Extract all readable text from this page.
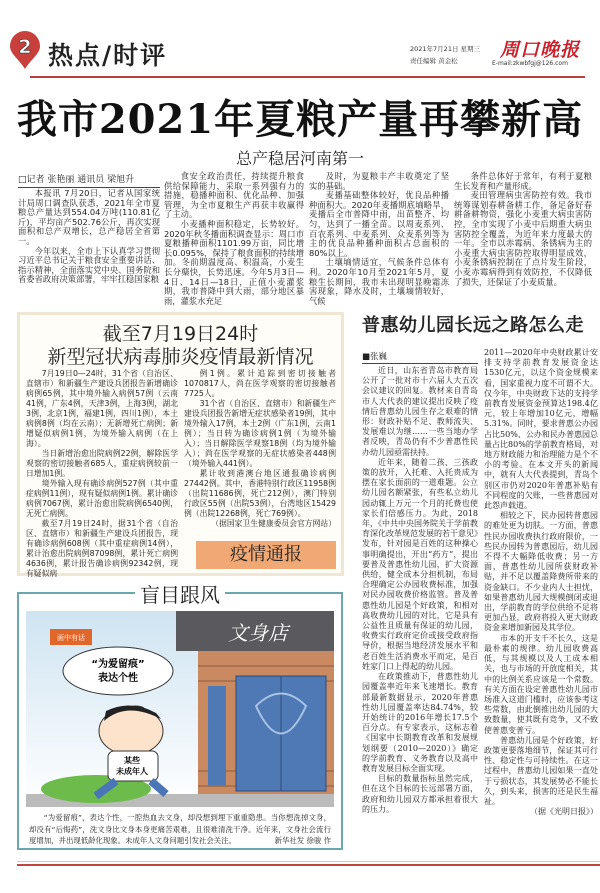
2 热点/时评	2021年7月21日 星期三
责任编辑 黄金松	周口晚报
E-mail:zkwbfgj@126.com
我市2021年夏粮产量再攀新高
总产稳居河南第一
□记者 张艳丽 通讯员 梁旭升

本报讯 7月20日，记者从国家统计局周口调查队获悉，2021年全市夏粮总产量达到554.04万吨(110.81亿斤)，平均亩产502.76公斤，再次实现面积和总产双增长，总产稳居全省第一。

今年以来，全市上下认真学习贯彻习近平总书记关于粮食安全重要讲话、指示精神，全面落实党中央、国务院和省委省政府决策部署，牢牢扛稳国家粮

食安全政治责任，持续提升粮食供给保障能力，采取一系列强有力的措施，稳播种面积、优化品种、加强管理，为全市夏粮生产再获丰收赢得了主动。

小麦播种面积稳定，长势较好。2020年秋冬播面积调查显示：周口市夏粮播种面积1101.99万亩，同比增长0.095%，保持了粮食面积的持续增加。冬前期温度高、积温高，小麦生长分蘖快，长势迅速。今年5月3日—4日、14日—18日，正值小麦灌浆期，我市普降中到大雨，部分地区暴雨，灌浆水充足

及时，为夏粮丰产丰收奠定了坚实的基础。

麦播基础整体较好，优良品种播种面积大。2020年麦播期底墒略旱，麦播后全市普降中雨，出苗整齐、均匀，达到了一播全苗。以周麦系列、百农系列、中麦系列、众麦系列等为主的优良品种播种面积占总面积的80%以上。

土壤墒情适宜，气候条件总体有利。2020年10月至2021年5月，夏粮生长期间，我市未出现明显晚霜冻害现象，降水及时，土壤墒情较好，气候

条件总体好于常年，有利于夏粮生长发育和产量形成。

麦田管理病虫害防控有效。我市统筹谋划春耕备耕工作，备足备好春耕备耕物资，强化小麦重大病虫害防控，全市实现了小麦中后期重大病虫害防控全覆盖，为近年来力度最大的一年。全市以赤霉病、条锈病为主的小麦重大病虫害防控取得明显成效，小麦条锈病控制在了点片发生阶段，小麦赤霉病得到有效防控，不仅降低了损失，还保证了小麦质量。

截至7月19日24时
新型冠状病毒肺炎疫情最新情况

7月19日0—24时，31个省（自治区、直辖市）和新疆生产建设兵团报告新增确诊病例65例，其中境外输入病例57例（云南41例，广东4例，天津3例，上海3例，湖北3例，北京1例，福建1例，四川1例），本土病例8例（均在云南）；无新增死亡病例；新增疑似病例1例，为境外输入病例（在上海）。

当日新增治愈出院病例22例，解除医学观察的密切接触者685人，重症病例较前一日增加1例。

境外输入现有确诊病例527例（其中重症病例11例），现有疑似病例1例。累计确诊病例7067例，累计治愈出院病例6540例，无死亡病例。

截至7月19日24时，据31个省（自治区、直辖市）和新疆生产建设兵团报告，现有确诊病例608例（其中重症病例14例），累计治愈出院病例87098例，累计死亡病例4636例，累计报告确诊病例92342例，现有疑似病

例1例。累计追踪到密切接触者1070817人，尚在医学观察的密切接触者7725人。

31个省（自治区、直辖市）和新疆生产建设兵团报告新增无症状感染者19例，其中境外输入17例，本土2例（广东1例，云南1例）；当日转为确诊病例1例（为境外输入）；当日解除医学观察18例（均为境外输入）；尚在医学观察的无症状感染者448例（境外输入441例）。

累计收到港澳台地区通报确诊病例27442例。其中，香港特别行政区11958例（出院11686例，死亡212例），澳门特别行政区55例（出院53例），台湾地区15429例（出院12268例，死亡769例）。

（据国家卫生健康委员会官方网站）

疫情通报
盲目跟风
文身店
画中有话
“为爱留痕”
表达个性
某些
未成年人
“为爱留痕”，表达个性，一腔热血去文身，却没想到埋下重重隐患。当你想洗掉文身，却没有“后悔药”，洗文身比文身本身更痛苦艰难，且很难清洗干净。近年来，文身社会流行度增加，并出现低龄化现象。未成年人文身问题引发社会关注。	新华社发 徐骏 作
普惠幼儿园长远之路怎么走
■张巍

近日，山东省青岛市教育局公开了一批对市十六届人大五次会议建议的回复。教材来自青岛市人大代表的建议提出反映了疫情后普惠幼儿园生存之艰难的情形：财政补贴不足、教师流失、发展难以为继……一些当地办学者反映，青岛仍有不少普惠性民办幼儿园亟需扶持。

近年来，随着二孩、三孩政策的放开，入托难、入托贵成为摆在家长面前的一道难题。公立幼儿园名额紧张，有些私立幼儿园动辄上万元一个月的托费也使家长们倍感压力。为此，2018年，《中共中央国务院关于学前教育深化改革规范发展的若干意见》发布，针对园是百姓的这种操心事明确提出，开出“药方”，提出要普及普惠性幼儿园，扩大资源供给，健全成本分担机制，布局合理确定公办园收费标准，加强对民办园收费价格监管。普及普惠性幼儿园是个好政策，和相对高收费幼儿园的对比，它是具有公益性且质量有保证的幼儿园，收费实行政府定价或接受政府指导价，根据当地经济发展水平和老百姓生活消费水平而定，是百姓家门口上得起的幼儿园。

在政策推动下，普惠性幼儿园覆盖率近年来飞速增长。教育部最新数据显示，2020年普惠性幼儿园覆盖率达84.74%，较开始统计的2016年增长17.5个百分点。有专家表示，这标志着《国家中长期教育改革和发展规划纲要（2010—2020）》确定的学前教育、义务教育以及高中教育发展目标全面实现。

目标的数量指标虽然完成，但在这个目标的长远部署方面，政府和幼儿园双方都承担着很大的压力。

2011—2020年中央财政累计安排支持学前教育发展资金达1530亿元，以这个资金规模来看，国家重视力度不可谓不大。仅今年，中央财政下达的支持学前教育发展资金预算达198.4亿元，较上年增加10亿元，增幅5.31%。同时，要求普惠公办园占比50%、公办和民办普惠园总量占比80%的学前教育格局，对地方财政能力和治理能力是个不小的考验。在本文开头的新闻中，就有人大代表提到，青岛个别区市仍对2020年普惠补贴有不同程度的欠账，一些普惠园对此怨声载道。

相较之下，民办园转普惠园的难处更为切肤。一方面，普惠性民办园收费执行政府限价，一些民办园转为普惠园后，幼儿园不得不大幅降低收费；另一方面，普惠性幼儿园所获财政补贴，并不足以覆盖降费所带来的资金缺口。不少业内人士担忧，如果普惠幼儿园大规模倒闭或退出，学前教育的学位供给不足将更加凸显，政府将投入更大财政资金来增加新园及其学位。

市本的开支千不长久，这是最朴素的规律。幼儿园收费高低，与其规模以及人工成本相关，也与市场的开放度相关，其中的比例关系应该是一个常数。有关方面在设定普惠性幼儿园市场准入这道门槛时，应该参考这些常数，由此倒推出幼儿园的大致数量，使其既有竞争，又不致使普惠变普亏。

普惠幼儿园是个好政策，好政策更要落地细节，保证其可行性、稳定性与可持续性。在这一过程中，普惠幼儿园如果一直处于亏损状态，其发展势必不能长久，到头来，损害的还是民生福祉。

（据《光明日报》）
